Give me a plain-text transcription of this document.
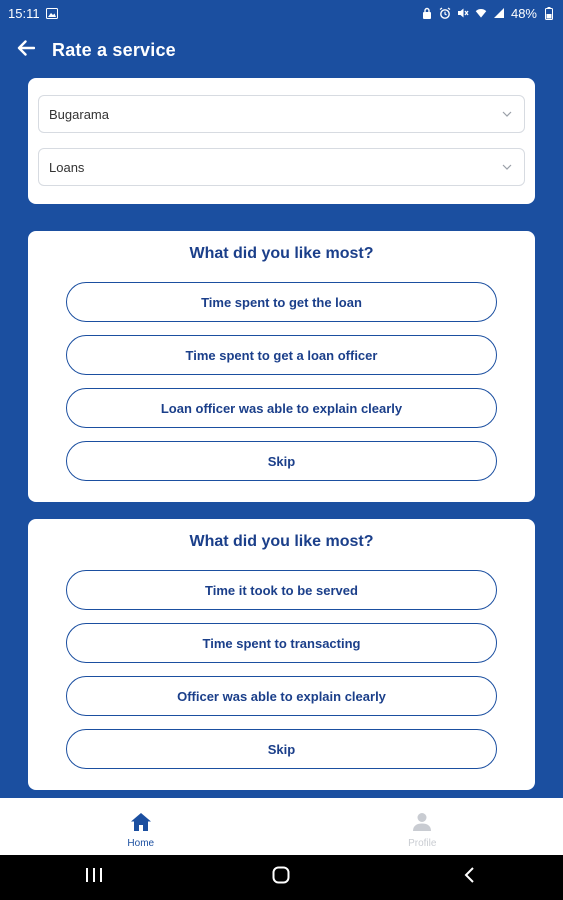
15:11	48%
Rate a service
Bugarama
Loans
What did you like most?
Time spent to get the loan
Time spent to get a loan officer
Loan officer was able to explain clearly
Skip
What did you like most?
Time it took to be served
Time spent to transacting
Officer was able to explain clearly
Skip
Home	Profile
